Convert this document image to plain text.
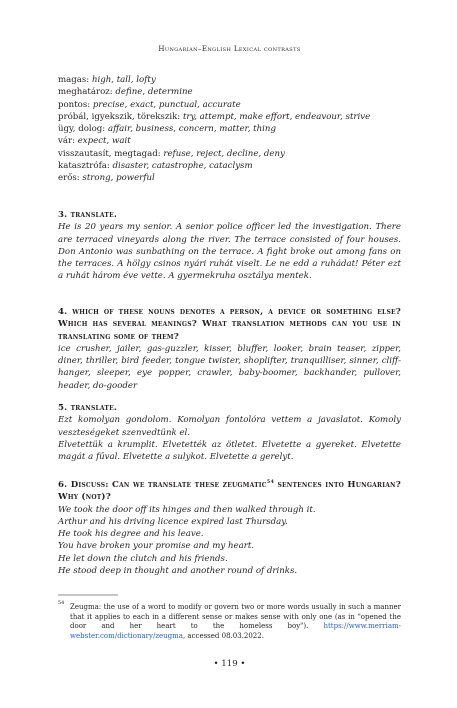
Hungarian–English Lexical contrasts
magas: high, tall, lofty
meghatároz: define, determine
pontos: precise, exact, punctual, accurate
próbál, igyekszik, törekszik: try, attempt, make effort, endeavour, strive
ügy, dolog: affair, business, concern, matter, thing
vár: expect, wait
visszautasít, megtagad: refuse, reject, decline, deny
katasztrófa: disaster, catastrophe, cataclysm
erős: strong, powerful
3. translate.
He is 20 years my senior. A senior police officer led the investigation. There are terraced vineyards along the river. The terrace consisted of four houses. Don Antonio was sunbathing on the terrace. A fight broke out among fans on the terraces. A hölgy csinos nyári ruhát viselt. Le ne edd a ruhádat! Péter ezt a ruhát három éve vette. A gyermekruha osztálya mentek.
4. which of these nouns denotes a person, a device or something else? Which has several meanings? What translation methods can you use in translating some of them?
ice crusher, jailer, gas-guzzler, kisser, bluffer, looker, brain teaser, zipper, diner, thriller, bird feeder, tongue twister, shoplifter, tranquilliser, sinner, cliff-hanger, sleeper, eye popper, crawler, baby-boomer, backhander, pullover, header, do-gooder
5. translate.
Ezt komolyan gondolom. Komolyan fontolóra vettem a javaslatot. Komoly veszteségeket szenvedtünk el.
Elvetettük a krumplit. Elvetették az ötletet. Elvetette a gyereket. Elvetette magát a fűval. Elvetette a sulykot. Elvetette a gerelyt.
6. Discuss: Can we translate these zeugmatic$^{54}$ sentences into Hungarian? Why (not)?
We took the door off its hinges and then walked through it.
Arthur and his driving licence expired last Thursday.
He took his degree and his leave.
You have broken your promise and my heart.
He let down the clutch and his friends.
He stood deep in thought and another round of drinks.
54 Zeugma: the use of a word to modify or govern two or more words usually in such a manner that it applies to each in a different sense or makes sense with only one (as in "opened the door and her heart to the homeless boy"). https://www.merriam-webster.com/dictionary/zeugma, accessed 08.03.2022.
• 119 •
